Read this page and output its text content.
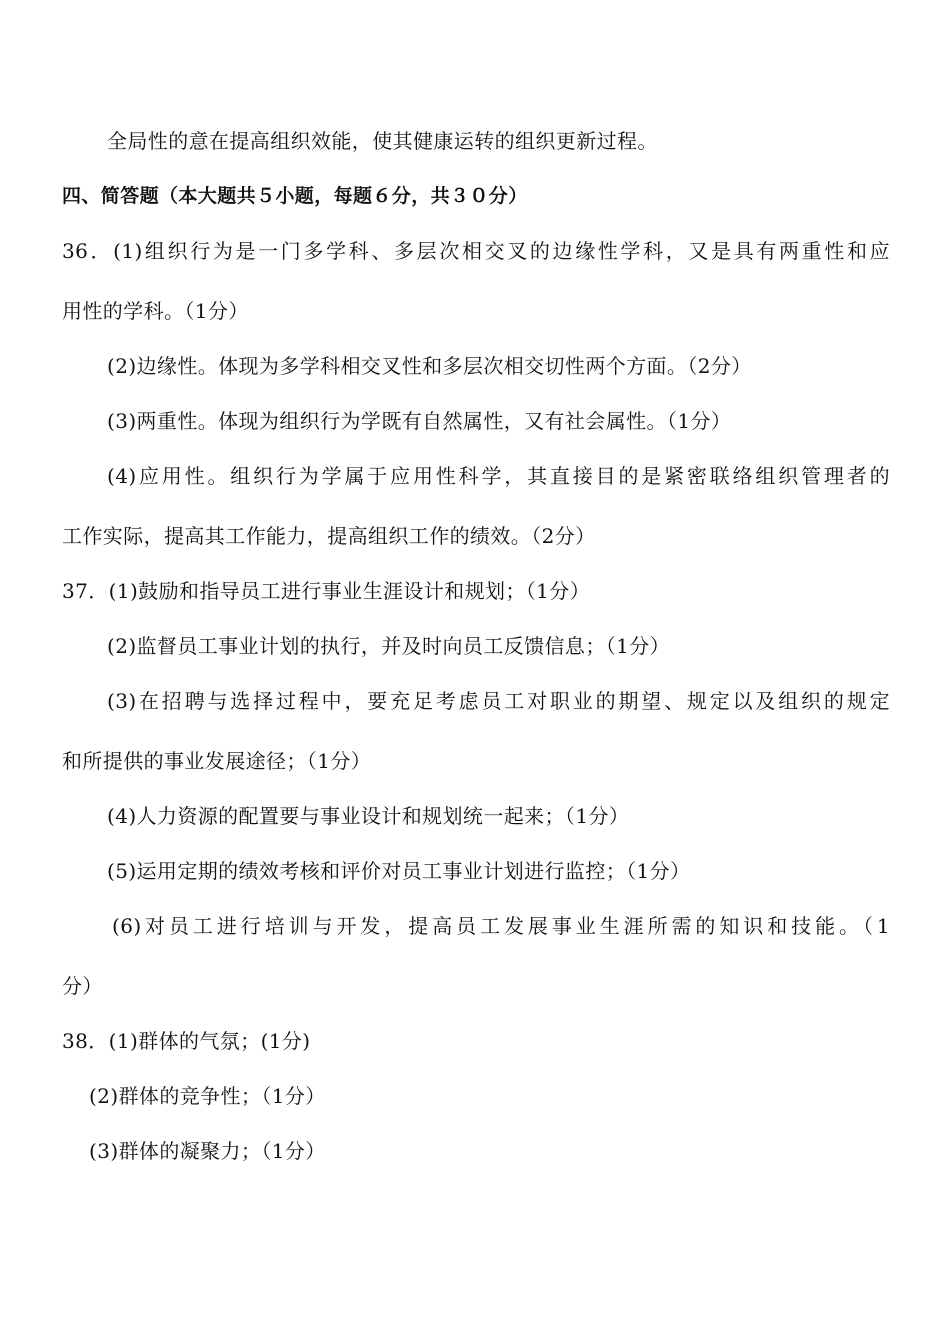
全局性的意在提高组织效能，使其健康运转的组织更新过程。
四、简答题（本大题共５小题，每题６分，共３０分）
36．(1)组织行为是一门多学科、多层次相交叉的边缘性学科，又是具有两重性和应
用性的学科。（1分）
(2)边缘性。体现为多学科相交叉性和多层次相交切性两个方面。（2分）
(3)两重性。体现为组织行为学既有自然属性，又有社会属性。（1分）
(4)应用性。组织行为学属于应用性科学，其直接目的是紧密联络组织管理者的
工作实际，提高其工作能力，提高组织工作的绩效。（2分）
37．(1)鼓励和指导员工进行事业生涯设计和规划；（1分）
(2)监督员工事业计划的执行，并及时向员工反馈信息；（1分）
(3)在招聘与选择过程中，要充足考虑员工对职业的期望、规定以及组织的规定
和所提供的事业发展途径；（1分）
(4)人力资源的配置要与事业设计和规划统一起来；（1分）
(5)运用定期的绩效考核和评价对员工事业计划进行监控；（1分）
(6)对员工进行培训与开发，提高员工发展事业生涯所需的知识和技能。（1
分）
38．(1)群体的气氛；(1分)
(2)群体的竞争性；（1分）
(3)群体的凝聚力；（1分）
